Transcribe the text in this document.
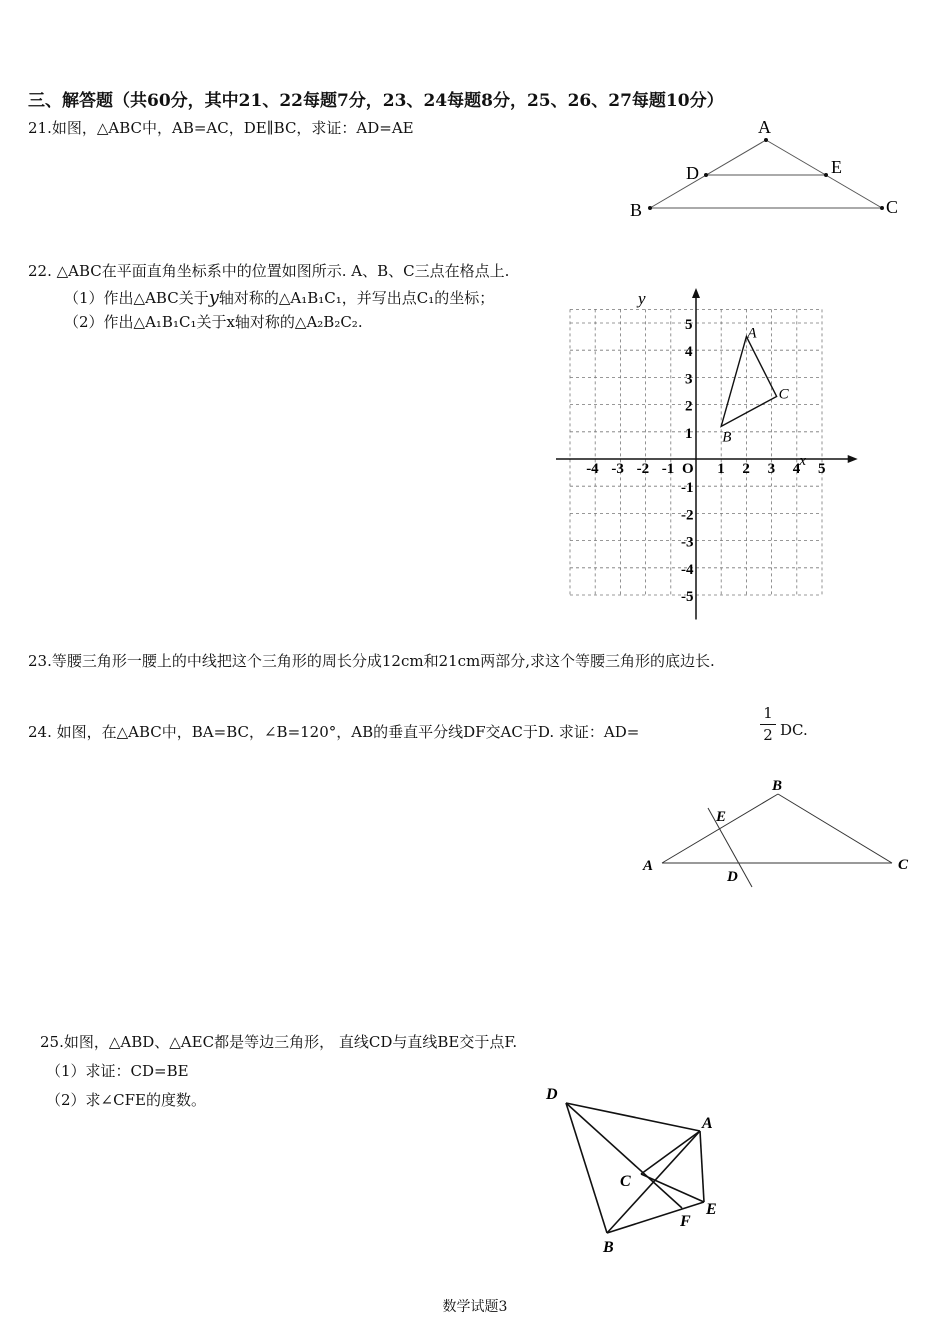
三、解答题（共60分，其中21、22每题7分，23、24每题8分，25、26、27每题10分）
21.如图，△ABC中，AB=AC，DE∥BC，求证：AD=AE	A
D	E
B	C
22. △ABC在平面直角坐标系中的位置如图所示. A、B、C三点在格点上.
（1）作出△ABC关于y轴对称的△A₁B₁C₁，并写出点C₁的坐标；
（2）作出△A₁B₁C₁关于x轴对称的△A₂B₂C₂.
y
x
O
-4 -3 -2 -1	1 2 3 4 5
5
4
3
2
1
-1
-2
-3
-4
-5
A
B
C
23.等腰三角形一腰上的中线把这个三角形的周长分成12cm和21cm两部分,求这个等腰三角形的底边长.
24. 如图，在△ABC中，BA=BC，∠B=120°，AB的垂直平分线DF交AC于D. 求证：AD=
1
2 DC.
B
E
A	C
D
25.如图，△ABD、△AEC都是等边三角形， 直线CD与直线BE交于点F.
（1）求证：CD=BE
（2）求∠CFE的度数。	D
A
C
F
E
B
数学试题3
